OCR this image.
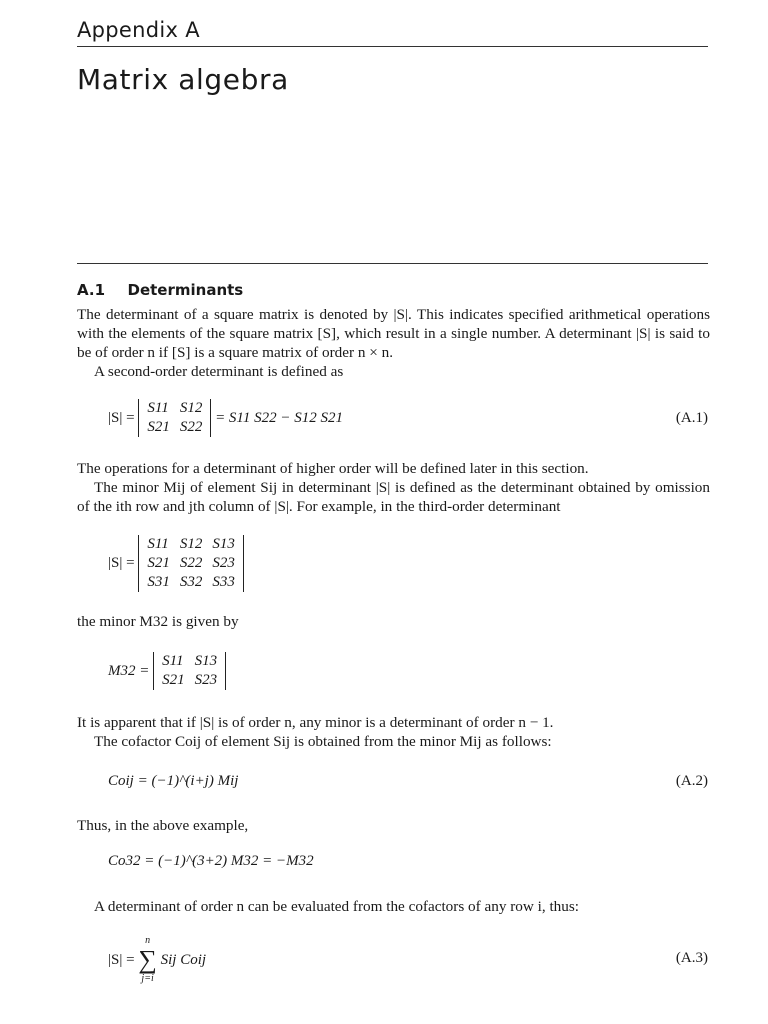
Appendix A
Matrix algebra
A.1 Determinants

The determinant of a square matrix is denoted by |S|. This indicates specified arithmetical operations with the elements of the square matrix [S], which result in a single number. A determinant |S| is said to be of order n if [S] is a square matrix of order n × n.

A second-order determinant is defined as

|S| =
S11	S12
S21	S22
= S11 S22 − S12 S21	(A.1)

The operations for a determinant of higher order will be defined later in this section.

The minor Mij of element Sij in determinant |S| is defined as the determinant obtained by omission of the ith row and jth column of |S|. For example, in the third-order determinant

|S| =
S11	S12	S13
S21	S22	S23
S31	S32	S33

the minor M32 is given by

M32 =
S11	S13
S21	S23

It is apparent that if |S| is of order n, any minor is a determinant of order n − 1.

The cofactor Coij of element Sij is obtained from the minor Mij as follows:

Coij = (−1)^(i+j) Mij	(A.2)

Thus, in the above example,

Co32 = (−1)^(3+2) M32 = −M32

A determinant of order n can be evaluated from the cofactors of any row i, thus:

|S| =
n
∑
j=i
Sij Coij	(A.3)
